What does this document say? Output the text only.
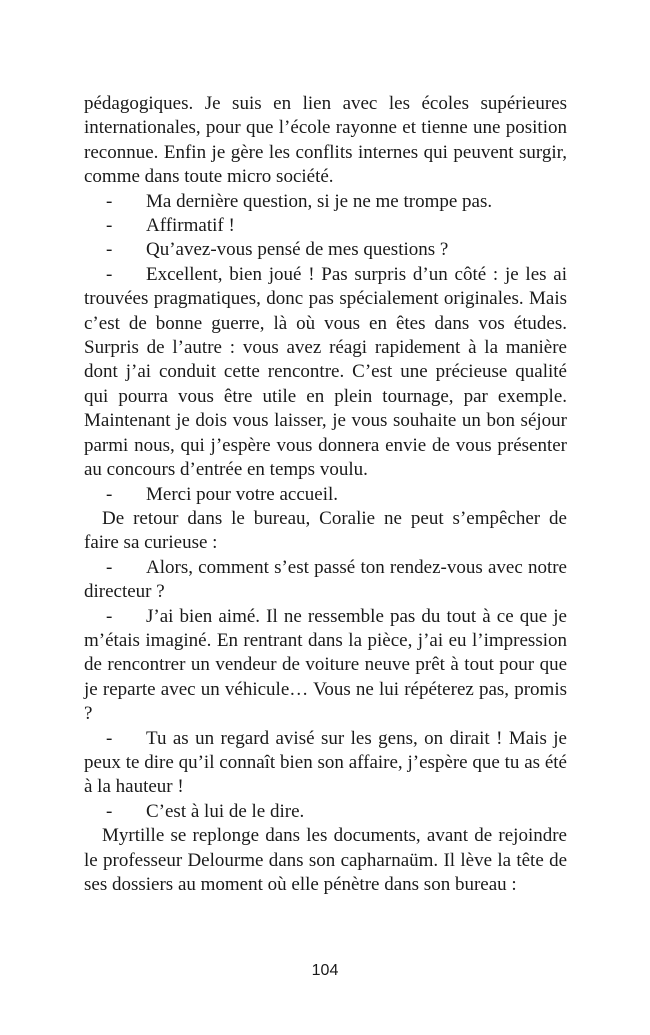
pédagogiques. Je suis en lien avec les écoles supérieures internationales, pour que l’école rayonne et tienne une position reconnue. Enfin je gère les conflits internes qui peuvent surgir, comme dans toute micro société.

- Ma dernière question, si je ne me trompe pas.

- Affirmatif !

- Qu’avez-vous pensé de mes questions ?

- Excellent, bien joué ! Pas surpris d’un côté : je les ai trouvées pragmatiques, donc pas spécialement originales. Mais c’est de bonne guerre, là où vous en êtes dans vos études. Surpris de l’autre : vous avez réagi rapidement à la manière dont j’ai conduit cette rencontre. C’est une précieuse qualité qui pourra vous être utile en plein tournage, par exemple. Maintenant je dois vous laisser, je vous souhaite un bon séjour parmi nous, qui j’espère vous donnera envie de vous présenter au concours d’entrée en temps voulu.

- Merci pour votre accueil.

De retour dans le bureau, Coralie ne peut s’empêcher de faire sa curieuse :

- Alors, comment s’est passé ton rendez-vous avec notre directeur ?

- J’ai bien aimé. Il ne ressemble pas du tout à ce que je m’étais imaginé. En rentrant dans la pièce, j’ai eu l’impression de rencontrer un vendeur de voiture neuve prêt à tout pour que je reparte avec un véhicule… Vous ne lui répéterez pas, promis ?

- Tu as un regard avisé sur les gens, on dirait ! Mais je peux te dire qu’il connaît bien son affaire, j’espère que tu as été à la hauteur !

- C’est à lui de le dire.

Myrtille se replonge dans les documents, avant de rejoindre le professeur Delourme dans son capharnaüm. Il lève la tête de ses dossiers au moment où elle pénètre dans son bureau :

104
